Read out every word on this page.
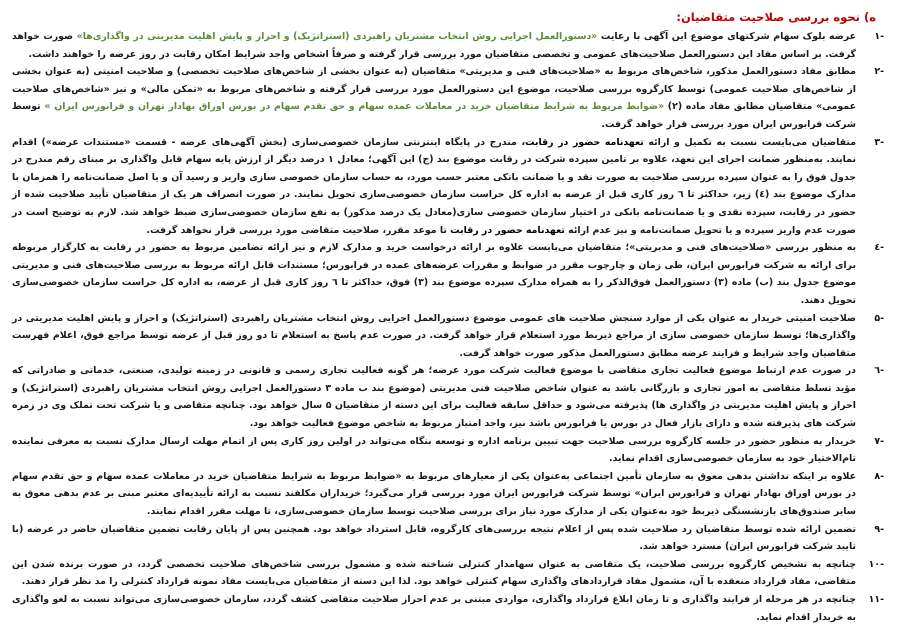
ه) نحوه بررسی صلاحیت متقاضیان:
-۱
عرضه بلوک سهام شرکتهای موضوع این آگهی با رعایت «دستورالعمل اجرایی روش انتخاب مشتریان راهبردی (استراتژیک) و احراز و پایش اهلیت مدیریتی در واگذاری‌ها» صورت خواهد گرفت. بر اساس مفاد این دستورالعمل صلاحیت‌های عمومی و تخصصی متقاضیان مورد بررسی قرار گرفته و صرفاً اشخاص واجد شرایط امکان رقابت در روز عرضه را خواهند داشت.
-۲
مطابق مفاد دستورالعمل مذکور، شاخص‌های مربوط به «صلاحیت‌های فنی و مدیریتی» متقاضیان (به عنوان بخشی از شاخص‌های صلاحیت تخصصی) و صلاحیت امنیتی (به عنوان بخشی از شاخص‌های صلاحیت عمومی) توسط کارگروه بررسی صلاحیت، موضوع این دستورالعمل مورد بررسی قرار گرفته و شاخص‌های مربوط به «تمکن مالی» و نیز «شاخص‌های صلاحیت عمومی» متقاضیان مطابق مفاد ماده (۲) «ضوابط مربوط به شرایط متقاضیان خرید در معاملات عمده سهام و حق تقدم سهام در بورس اوراق بهادار تهران و فرابورس ایران » توسط شرکت فرابورس ایران مورد بررسی قرار خواهد گرفت.
-۳
متقاضیان می‌بایست نسبت به تکمیل و ارائه تعهدنامه حضور در رقابت، مندرج در پایگاه اینترنتی سازمان خصوصی‌سازی (بخش آگهی‌های عرضه - قسمت «مستندات عرضه») اقدام نمایند. به‌منظور ضمانت اجرای این تعهد، علاوه بر تامین سپرده شرکت در رقابت موضوع بند (ج) این آگهی؛ معادل ۱ درصد دیگر از ارزش پایه سهام قابل واگذاری بر مبنای رقم مندرج در جدول فوق را به عنوان سپرده بررسی صلاحیت به صورت نقد و یا ضمانت بانکی معتبر حسب مورد، به حساب سازمان خصوصی سازی واریز و رسید آن و یا اصل ضمانت‌نامه را همزمان با مدارک موضوع بند (٤) زیر، حداکثر تا ٦ روز کاری قبل از عرضه به اداره کل حراست سازمان خصوصی‌سازی تحویل نمایند. در صورت انصراف هر یک از متقاضیان تأیید صلاحیت شده از حضور در رقابت، سپرده نقدی و یا ضمانت‌نامه بانکی در اختیار سازمان خصوصی سازی(معادل یک درصد مذکور) به نفع سازمان خصوصی‌سازی ضبط خواهد شد. لازم به توضیح است در صورت عدم واریز سپرده و یا تحویل ضمانت‌نامه و نیز عدم ارائه تعهدنامه حضور در رقابت تا موعد مقرر، صلاحیت متقاضی مورد بررسی قرار نخواهد گرفت.
-٤
به منظور بررسی «صلاحیت‌های فنی و مدیریتی»؛ متقاضیان می‌بایست علاوه بر ارائه درخواست خرید و مدارک لازم و نیز ارائه تضامین مربوط به حضور در رقابت به کارگزار مربوطه برای ارائه به شرکت فرابورس ایران، طی زمان و چارچوب مقرر در ضوابط و مقررات عرضه‌های عمده در فرابورس؛ مستندات قابل ارائه مربوط به بررسی صلاحیت‌های فنی و مدیریتی موضوع جدول بند (ب) ماده (۳) دستورالعمل فوق‌الذکر را به همراه مدارک سپرده موضوع بند (۳) فوق، حداکثر تا ٦ روز کاری قبل از عرضه، به اداره کل حراست سازمان خصوصی‌سازی تحویل دهند.
-۵
صلاحیت امنیتی خریدار به عنوان یکی از موارد سنجش صلاحیت های عمومی موضوع دستورالعمل اجرایی روش انتخاب مشتریان راهبردی (استراتژیک) و احراز و پایش اهلیت مدیریتی در واگذاری‌ها؛ توسط سازمان خصوصی سازی از مراجع ذیربط مورد استعلام قرار خواهد گرفت. در صورت عدم پاسخ به استعلام تا دو روز قبل از عرضه توسط مراجع فوق، اعلام فهرست متقاضیان واجد شرایط و فرایند عرضه مطابق دستورالعمل مذکور صورت خواهد گرفت.
-٦
در صورت عدم ارتباط موضوع فعالیت تجاری متقاضی با موضوع فعالیت شرکت مورد عرضه؛ هر گونه فعالیت تجاری رسمی و قانونی در زمینه تولیدی، صنعتی، خدماتی و صادراتی که مؤید تسلط متقاضی به امور تجاری و بازرگانی باشد به عنوان شاخص صلاحیت فنی مدیریتی (موضوع بند ب ماده ۳ دستورالعمل اجرایی روش انتخاب مشتریان راهبردی (استراتژیک) و احراز و پایش اهلیت مدیریتی در واگذاری ها) پذیرفته می‌شود و حداقل سابقه فعالیت برای این دسته از متقاضیان ۵ سال خواهد بود. چنانچه متقاضی و یا شرکت تحت تملک وی در زمره شرکت های پذیرفته شده و دارای بازار فعال در بورس یا فرابورس باشد نیز، واجد امتیاز مربوط به شاخص موضوع فعالیت خواهد بود.
-۷
خریدار به منظور حضور در جلسه کارگروه بررسی صلاحیت جهت تبیین برنامه اداره و توسعه بنگاه می‌تواند در اولین روز کاری پس از اتمام مهلت ارسال مدارک نسبت به معرفی نماینده تام‌الاختیار خود به سازمان خصوصی‌سازی اقدام نماید.
-۸
علاوه بر اینکه نداشتن بدهی معوق به سازمان تأمین اجتماعی به‌عنوان یکی از معیارهای مربوط به «ضوابط مربوط به شرایط متقاضیان خرید در معاملات عمده سهام و حق تقدم سهام در بورس اوراق بهادار تهران و فرابورس ایران» توسط شرکت فرابورس ایران مورد بررسی قرار می‌گیرد؛ خریداران مکلفند نسبت به ارائه تأییدیه‌ای معتبر مبنی بر عدم بدهی معوق به سایر صندوق‌های بازنشستگی ذیربط خود به‌عنوان یکی از مدارک مورد نیاز برای بررسی صلاحیت توسط سازمان خصوصی‌سازی، تا مهلت مقرر اقدام نمایند.
-۹
تضمین ارائه شده توسط متقاضیان رد صلاحیت شده پس از اعلام نتیجه بررسی‌های کارگروه، قابل استرداد خواهد بود. همچنین پس از پایان رقابت تضمین متقاضیان حاضر در عرضه (با تایید شرکت فرابورس ایران) مسترد خواهد شد.
-۱۰
چنانچه به تشخیص کارگروه بررسی صلاحیت، یک متقاضی به عنوان سهامدار کنترلی شناخته شده و مشمول بررسی شاخص‌های صلاحیت تخصصی گردد، در صورت برنده شدن این متقاضی، مفاد قرارداد منعقده با آن، مشمول مفاد قراردادهای واگذاری سهام کنترلی خواهد بود. لذا این دسته از متقاضیان می‌بایست مفاد نمونه قرارداد کنترلی را مد نظر قرار دهند.
-۱۱
چنانچه در هر مرحله از فرایند واگذاری و تا زمان ابلاغ قرارداد واگذاری، مواردی مبتنی بر عدم احراز صلاحیت متقاضی کشف گردد، سازمان خصوصی‌سازی می‌تواند نسبت به لغو واگذاری به خریدار اقدام نماید.
